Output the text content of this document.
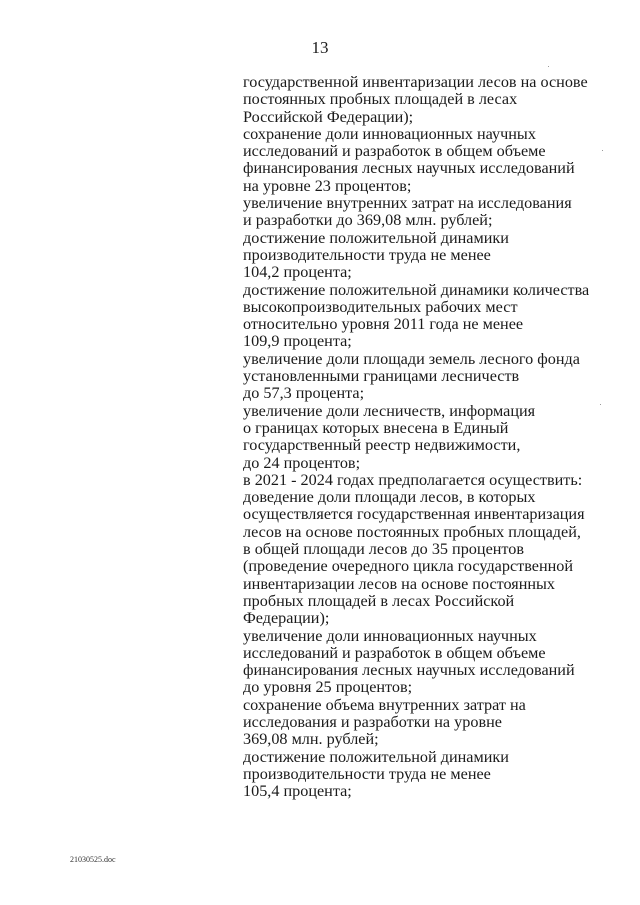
13
государственной инвентаризации лесов на основе
постоянных пробных площадей в лесах
Российской Федерации);
сохранение доли инновационных научных
исследований и разработок в общем объеме
финансирования лесных научных исследований
на уровне 23 процентов;
увеличение внутренних затрат на исследования
и разработки до 369,08 млн. рублей;
достижение положительной динамики
производительности труда не менее
104,2 процента;
достижение положительной динамики количества
высокопроизводительных рабочих мест
относительно уровня 2011 года не менее
109,9 процента;
увеличение доли площади земель лесного фонда
установленными границами лесничеств
до 57,3 процента;
увеличение доли лесничеств, информация
о границах которых внесена в Единый
государственный реестр недвижимости,
до 24 процентов;
в 2021 - 2024 годах предполагается осуществить:
доведение доли площади лесов, в которых
осуществляется государственная инвентаризация
лесов на основе постоянных пробных площадей,
в общей площади лесов до 35 процентов
(проведение очередного цикла государственной
инвентаризации лесов на основе постоянных
пробных площадей в лесах Российской
Федерации);
увеличение доли инновационных научных
исследований и разработок в общем объеме
финансирования лесных научных исследований
до уровня 25 процентов;
сохранение объема внутренних затрат на
исследования и разработки на уровне
369,08 млн. рублей;
достижение положительной динамики
производительности труда не менее
105,4 процента;
21030525.doc
